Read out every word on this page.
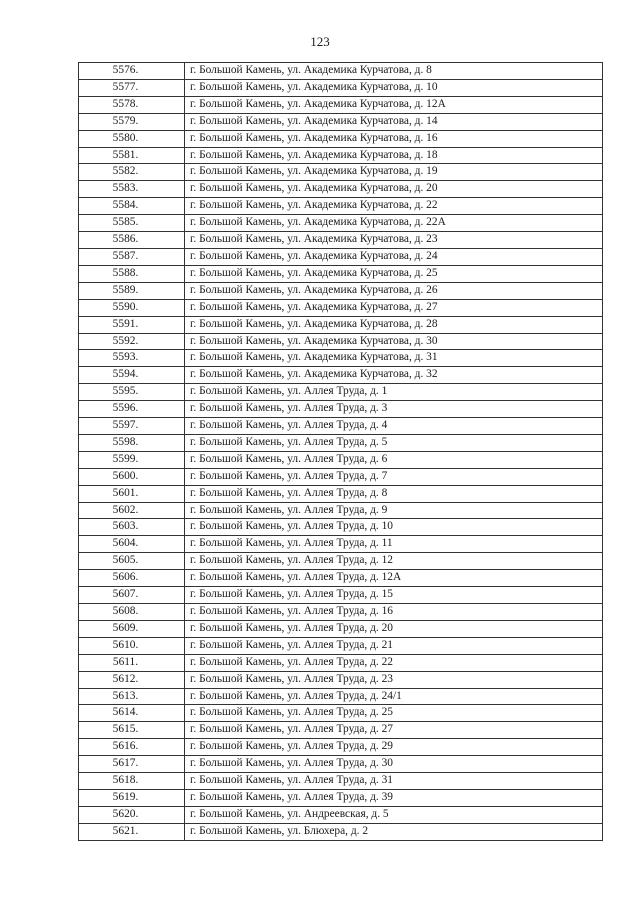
123
5576.	г. Большой Камень, ул. Академика Курчатова, д. 8
5577.	г. Большой Камень, ул. Академика Курчатова, д. 10
5578.	г. Большой Камень, ул. Академика Курчатова, д. 12А
5579.	г. Большой Камень, ул. Академика Курчатова, д. 14
5580.	г. Большой Камень, ул. Академика Курчатова, д. 16
5581.	г. Большой Камень, ул. Академика Курчатова, д. 18
5582.	г. Большой Камень, ул. Академика Курчатова, д. 19
5583.	г. Большой Камень, ул. Академика Курчатова, д. 20
5584.	г. Большой Камень, ул. Академика Курчатова, д. 22
5585.	г. Большой Камень, ул. Академика Курчатова, д. 22А
5586.	г. Большой Камень, ул. Академика Курчатова, д. 23
5587.	г. Большой Камень, ул. Академика Курчатова, д. 24
5588.	г. Большой Камень, ул. Академика Курчатова, д. 25
5589.	г. Большой Камень, ул. Академика Курчатова, д. 26
5590.	г. Большой Камень, ул. Академика Курчатова, д. 27
5591.	г. Большой Камень, ул. Академика Курчатова, д. 28
5592.	г. Большой Камень, ул. Академика Курчатова, д. 30
5593.	г. Большой Камень, ул. Академика Курчатова, д. 31
5594.	г. Большой Камень, ул. Академика Курчатова, д. 32
5595.	г. Большой Камень, ул. Аллея Труда, д. 1
5596.	г. Большой Камень, ул. Аллея Труда, д. 3
5597.	г. Большой Камень, ул. Аллея Труда, д. 4
5598.	г. Большой Камень, ул. Аллея Труда, д. 5
5599.	г. Большой Камень, ул. Аллея Труда, д. 6
5600.	г. Большой Камень, ул. Аллея Труда, д. 7
5601.	г. Большой Камень, ул. Аллея Труда, д. 8
5602.	г. Большой Камень, ул. Аллея Труда, д. 9
5603.	г. Большой Камень, ул. Аллея Труда, д. 10
5604.	г. Большой Камень, ул. Аллея Труда, д. 11
5605.	г. Большой Камень, ул. Аллея Труда, д. 12
5606.	г. Большой Камень, ул. Аллея Труда, д. 12А
5607.	г. Большой Камень, ул. Аллея Труда, д. 15
5608.	г. Большой Камень, ул. Аллея Труда, д. 16
5609.	г. Большой Камень, ул. Аллея Труда, д. 20
5610.	г. Большой Камень, ул. Аллея Труда, д. 21
5611.	г. Большой Камень, ул. Аллея Труда, д. 22
5612.	г. Большой Камень, ул. Аллея Труда, д. 23
5613.	г. Большой Камень, ул. Аллея Труда, д. 24/1
5614.	г. Большой Камень, ул. Аллея Труда, д. 25
5615.	г. Большой Камень, ул. Аллея Труда, д. 27
5616.	г. Большой Камень, ул. Аллея Труда, д. 29
5617.	г. Большой Камень, ул. Аллея Труда, д. 30
5618.	г. Большой Камень, ул. Аллея Труда, д. 31
5619.	г. Большой Камень, ул. Аллея Труда, д. 39
5620.	г. Большой Камень, ул. Андреевская, д. 5
5621.	г. Большой Камень, ул. Блюхера, д. 2
